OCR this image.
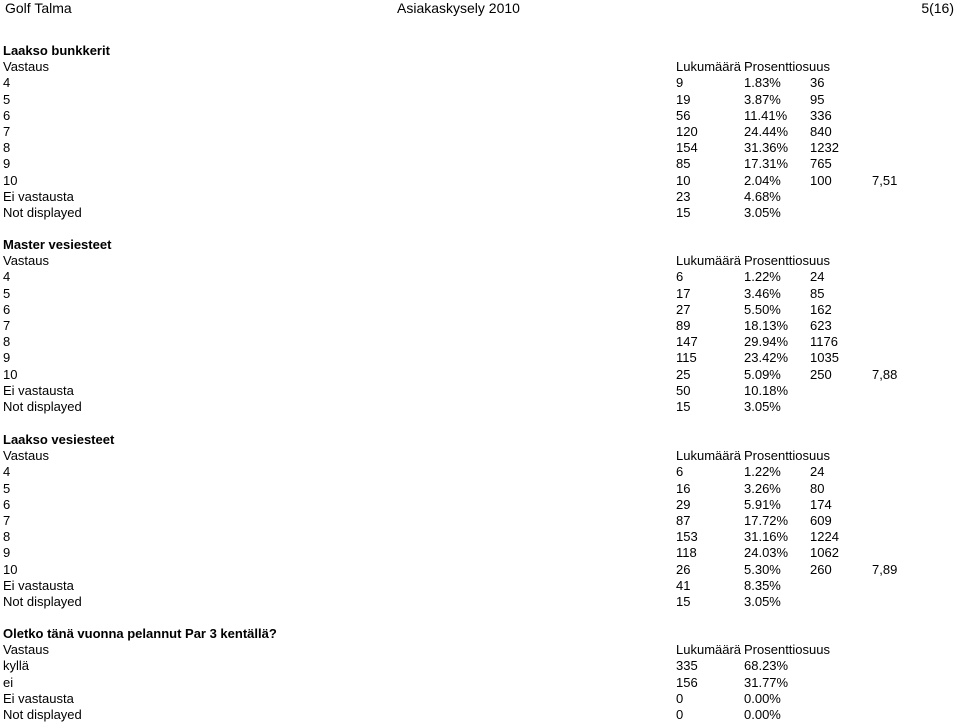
Golf Talma	Asiakaskysely 2010	5(16)
Laakso bunkkerit
Vastaus	Lukumäärä Prosenttiosuus
4	9	1.83% 36
5	19	3.87% 95
6	56	11.41% 336
7	120	24.44% 840
8	154	31.36% 1232
9	85	17.31% 765
10	10	2.04% 100	7,51
Ei vastausta	23	4.68%
Not displayed	15	3.05%
Master vesiesteet
Vastaus	Lukumäärä Prosenttiosuus
4	6	1.22% 24
5	17	3.46% 85
6	27	5.50% 162
7	89	18.13% 623
8	147	29.94% 1176
9	115	23.42% 1035
10	25	5.09% 250	7,88
Ei vastausta	50	10.18%
Not displayed	15	3.05%
Laakso vesiesteet
Vastaus	Lukumäärä Prosenttiosuus
4	6	1.22% 24
5	16	3.26% 80
6	29	5.91% 174
7	87	17.72% 609
8	153	31.16% 1224
9	118	24.03% 1062
10	26	5.30% 260	7,89
Ei vastausta	41	8.35%
Not displayed	15	3.05%
Oletko tänä vuonna pelannut Par 3 kentällä?
Vastaus	Lukumäärä Prosenttiosuus
kyllä	335	68.23%
ei	156	31.77%
Ei vastausta	0	0.00%
Not displayed	0	0.00%
